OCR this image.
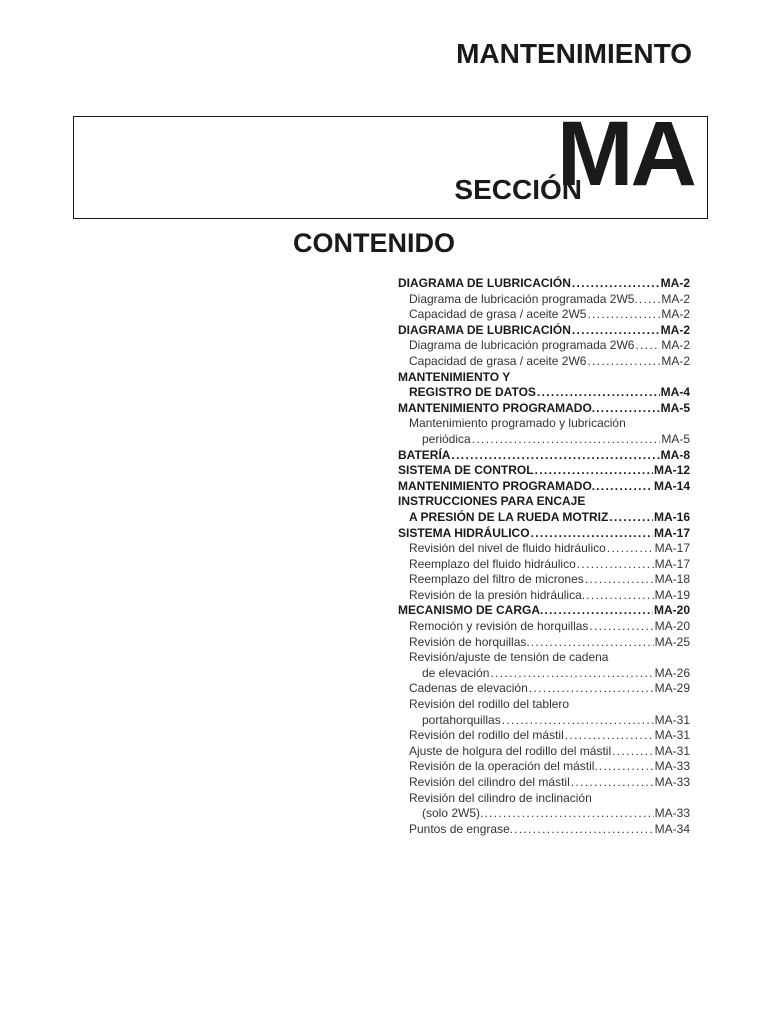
MANTENIMIENTO
SECCIÓN
MA
CONTENIDO
DIAGRAMA DE LUBRICACIÓN . . .	MA-2
Diagrama de lubricación programada 2W5. . . . MA-2
Capacidad de grasa / aceite 2W5 . . .	MA-2
DIAGRAMA DE LUBRICACIÓN . . .	MA-2
Diagrama de lubricación programada 2W6 . . . MA-2
Capacidad de grasa / aceite 2W6 . . .	MA-2
MANTENIMIENTO Y
REGISTRO DE DATOS . . .	MA-4
MANTENIMIENTO PROGRAMADO. . . .	MA-5
Mantenimiento programado y lubricación
periódica . . .	MA-5
BATERÍA . . .	MA-8
SISTEMA DE CONTROL . . .	MA-12
MANTENIMIENTO PROGRAMADO. . . .	MA-14
INSTRUCCIONES PARA ENCAJE
A PRESIÓN DE LA RUEDA MOTRIZ . . .	MA-16
SISTEMA HIDRÁULICO . . .	MA-17
Revisión del nivel de fluido hidráulico . . .	MA-17
Reemplazo del fluido hidráulico . . .	MA-17
Reemplazo del filtro de micrones . . .	MA-18
Revisión de la presión hidráulica. . . .	MA-19
MECANISMO DE CARGA. . . .	MA-20
Remoción y revisión de horquillas . . .	MA-20
Revisión de horquillas. . . .	MA-25
Revisión/ajuste de tensión de cadena
de elevación . . .	MA-26
Cadenas de elevación . . .	MA-29
Revisión del rodillo del tablero
portahorquillas . . .	MA-31
Revisión del rodillo del mástil . . .	MA-31
Ajuste de holgura del rodillo del mástil . . .	MA-31
Revisión de la operación del mástil. . . .	MA-33
Revisión del cilindro del mástil . . .	MA-33
Revisión del cilindro de inclinación
(solo 2W5). . . .	MA-33
Puntos de engrase. . . .	MA-34
